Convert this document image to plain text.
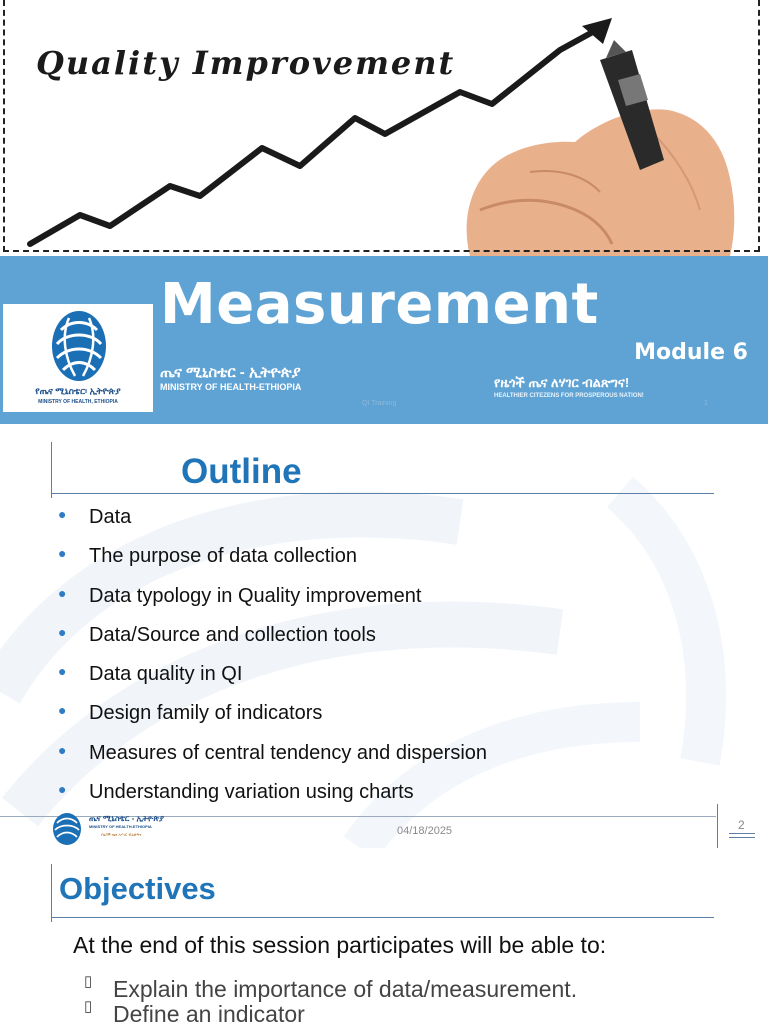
Quality Improvement
Measurement
Module 6
የጤና ሚኒስቴር፡ ኢትዮጵያ
MINISTRY OF HEALTH, ETHIOPIA
ጤና ሚኒስቴር - ኢትዮጵያ
MINISTRY OF HEALTH-ETHIOPIA	የዜጎች ጤና ለሃገር ብልጽግና!
HEALTHIER CITEZENS FOR PROSPEROUS NATION!
QI Training	1
Outline
● Data
● The purpose of data collection
● Data typology in Quality improvement
● Data/Source and collection tools
● Data quality in QI
● Design family of indicators
● Measures of central tendency and dispersion
● Understanding variation using charts
ጤና ሚኒስቴር - ኢትዮጵያ
MINISTRY OF HEALTH-ETHIOPIA
የዜጎች ጤና ለሃገር ብልጽግና	04/18/2025	2
Objectives
At the end of this session participates will be able to:
▯ Explain the importance of data/measurement.
▯ Define an indicator
